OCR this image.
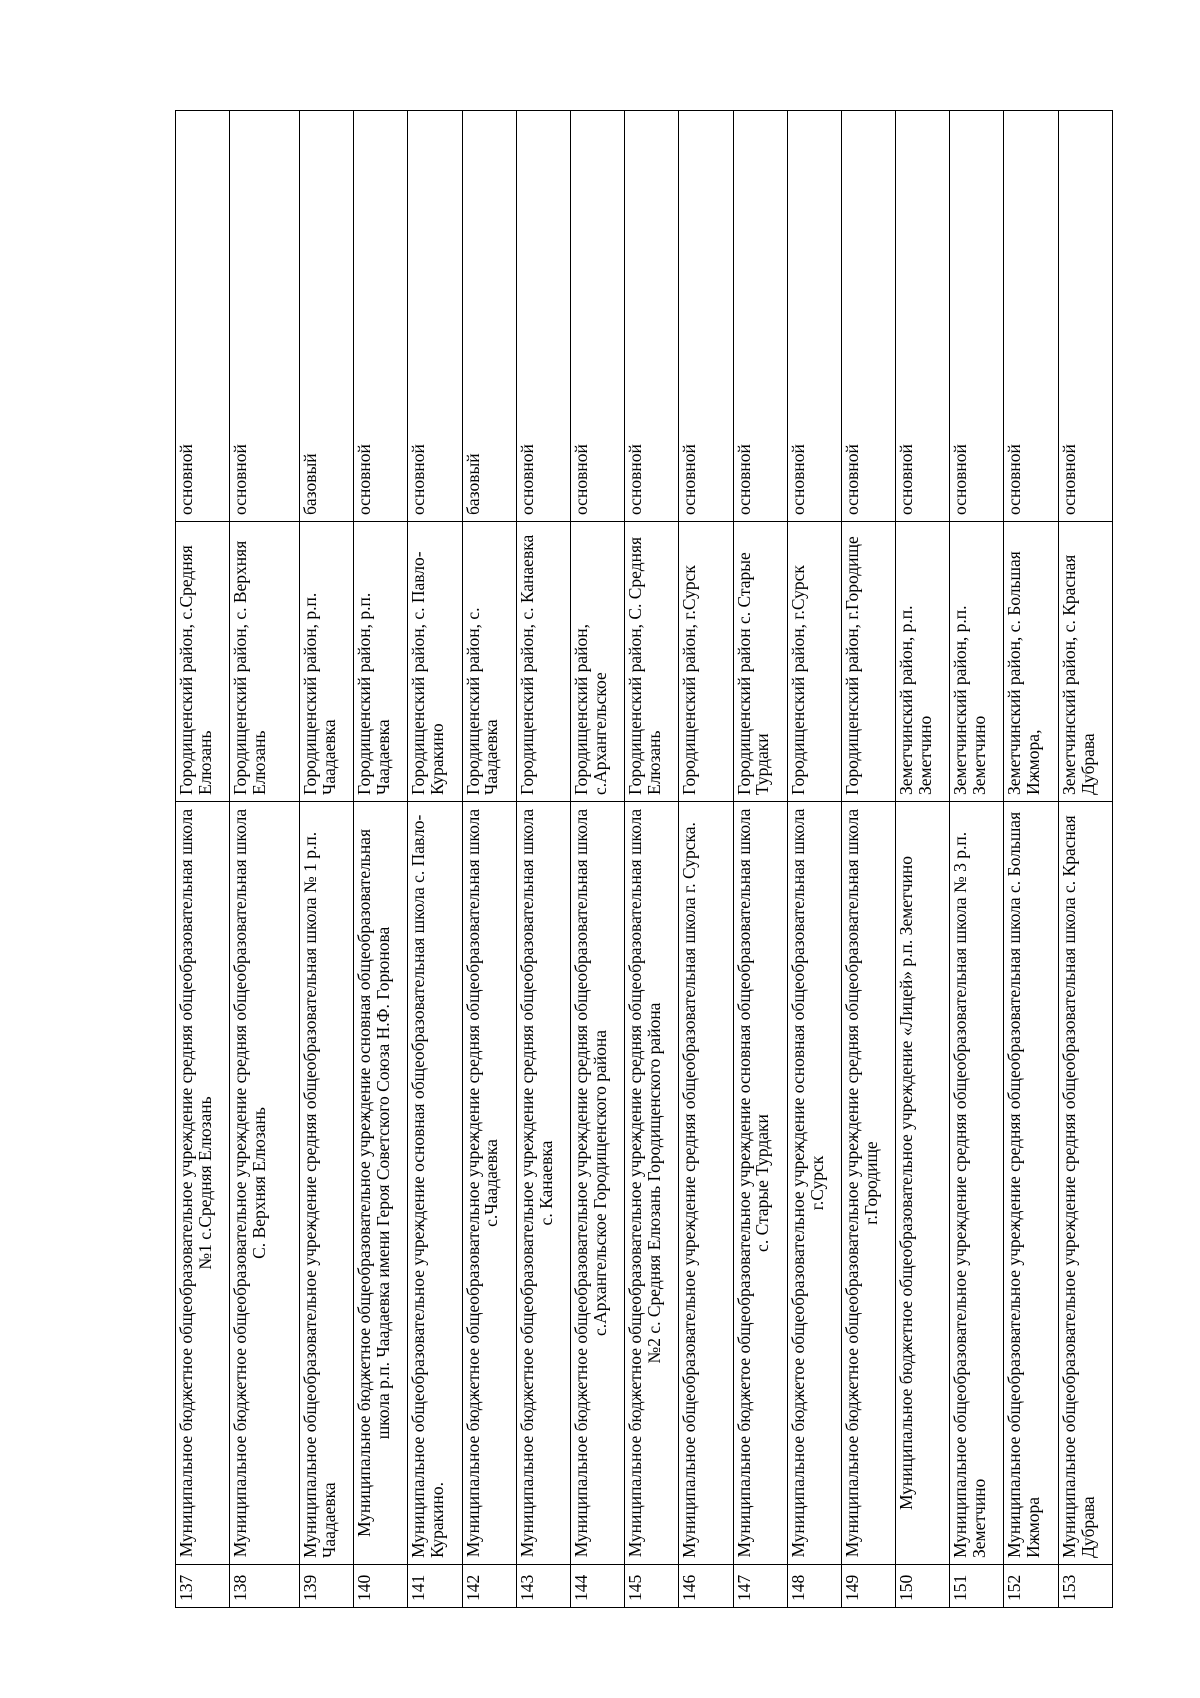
137	Муниципальное бюджетное общеобразовательное учреждение средняя общеобразовательная школа №1 с.Средняя Елюзань	Городищенский район, с.Средняя Елюзань	основной
138	Муниципальное бюджетное общеобразовательное учреждение средняя общеобразовательная школа С. Верхняя Елюзань	Городищенский район, с. Верхняя Елюзань	основной
139	Муниципальное общеобразовательное учреждение средняя общеобразовательная школа № 1 р.п. Чаадаевка	Городищенский район, р.п. Чаадаевка	базовый
140	Муниципальное бюджетное общеобразовательное учреждение основная общеобразовательная школа р.п. Чаадаевка имени Героя Советского Союза Н.Ф. Горюнова	Городищенский район, р.п. Чаадаевка	основной
141	Муниципальное общеобразовательное учреждение основная общеобразовательная школа с. Павло-Куракино.	Городищенский район, с. Павло-Куракино	основной
142	Муниципальное бюджетное общеобразовательное учреждение средняя общеобразовательная школа с.Чаадаевка	Городищенский район, с. Чаадаевка	базовый
143	Муниципальное бюджетное общеобразовательное учреждение средняя общеобразовательная школа с. Канаевка	Городищенский район, с. Канаевка	основной
144	Муниципальное бюджетное общеобразовательное учреждение средняя общеобразовательная школа с.Архангельское Городищенского района	Городищенский район, с.Архангельское	основной
145	Муниципальное бюджетное общеобразовательное учреждение средняя общеобразовательная школа №2 с. Средняя Елюзань Городищенского района	Городищенский район, С. Средняя Елюзань	основной
146	Муниципальное общеобразовательное учреждение средняя общеобразовательная школа г. Сурска.	Городищенский район, г.Сурск	основной
147	Муниципальное бюджетое общеобразовательное учреждение основная общеобразовательная школа с. Старые Турдаки	Городищенский район с. Старые Турдаки	основной
148	Муниципальное бюджетое общеобразовательное учреждение основная общеобразовательная школа г.Сурск	Городищенский район, г.Сурск	основной
149	Муниципальное бюджетное общеобразовательное учреждение средняя общеобразовательная школа г.Городище	Городищенский район, г.Городище	основной
150	Муниципальное бюджетное общеобразовательное учреждение «Лицей» р.п. Земетчино	Земетчинский район, р.п. Земетчино	основной
151	Муниципальное общеобразовательное учреждение средняя общеобразовательная школа № 3 р.п. Земетчино	Земетчинский район, р.п. Земетчино	основной
152	Муниципальное общеобразовательное учреждение средняя общеобразовательная школа с. Большая Ижмора	Земетчинский район, с. Большая Ижмора,	основной
153	Муниципальное общеобразовательное учреждение средняя общеобразовательная школа с. Красная Дубрава	Земетчинский район, с. Красная Дубрава	основной
